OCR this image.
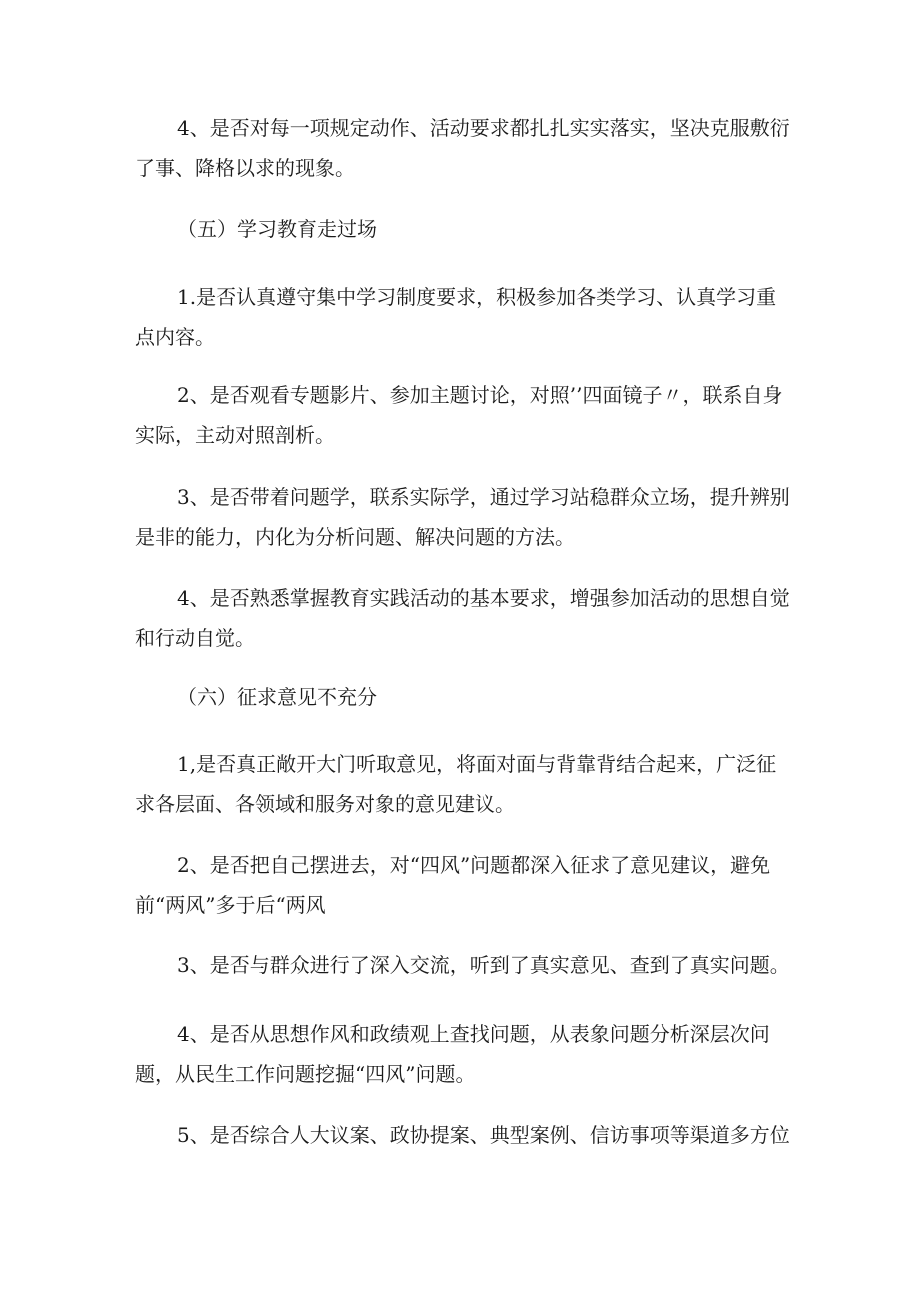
4、是否对每一项规定动作、活动要求都扎扎实实落实，坚决克服敷衍了事、降格以求的现象。

（五）学习教育走过场

1.是否认真遵守集中学习制度要求，积极参加各类学习、认真学习重点内容。

2、是否观看专题影片、参加主题讨论，对照’’四面镜子〃，联系自身实际，主动对照剖析。

3、是否带着问题学，联系实际学，通过学习站稳群众立场，提升辨别是非的能力，内化为分析问题、解决问题的方法。

4、是否熟悉掌握教育实践活动的基本要求，增强参加活动的思想自觉和行动自觉。

（六）征求意见不充分

1,是否真正敞开大门听取意见，将面对面与背靠背结合起来，广泛征求各层面、各领域和服务对象的意见建议。

2、是否把自己摆进去，对“四风”问题都深入征求了意见建议，避免前“两风”多于后“两风

3、是否与群众进行了深入交流，听到了真实意见、查到了真实问题。

4、是否从思想作风和政绩观上查找问题，从表象问题分析深层次问题，从民生工作问题挖掘“四风”问题。

5、是否综合人大议案、政协提案、典型案例、信访事项等渠道多方位
